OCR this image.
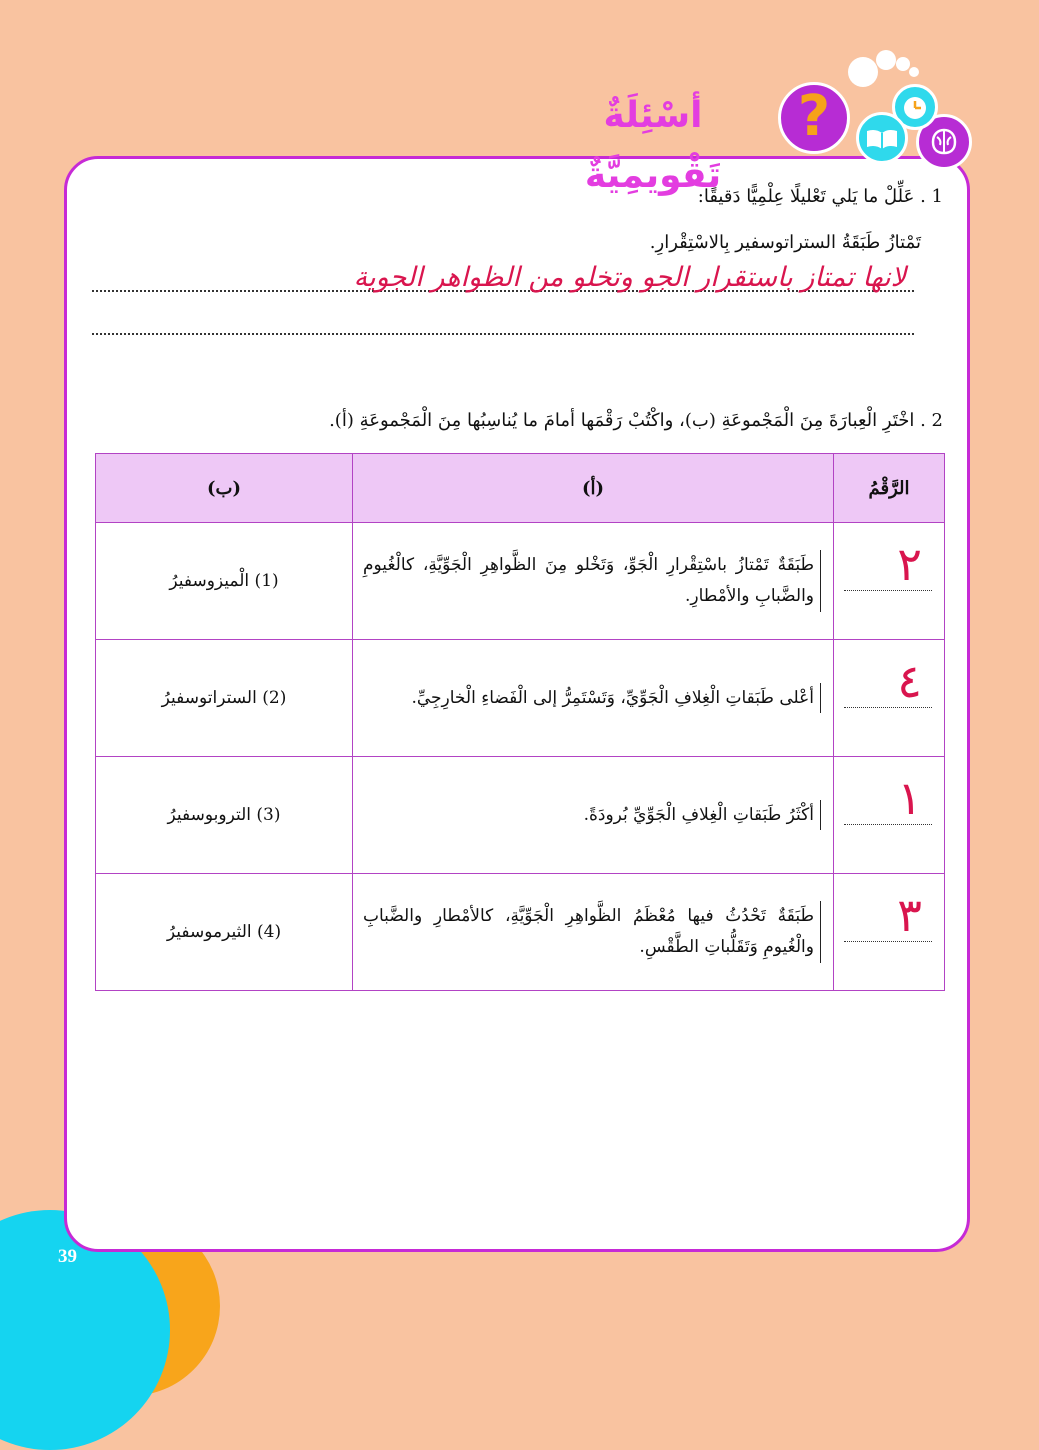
39
?
أسْئِلَةٌ تَقْويمِيَّةٌ
1 . عَلِّلْ ما يَلي تَعْليلًا عِلْمِيًّا دَقيقًا:
تَمْتازُ طَبَقَةُ الستراتوسفير بِالاسْتِقْرارِ.
لانها تمتاز باستقرار الجو وتخلو من الظواهر الجوية
2 . اخْتَرِ الْعِبارَةَ مِنَ الْمَجْموعَةِ (ب)، واكْتُبْ رَقْمَها أمامَ ما يُناسِبُها مِنَ الْمَجْموعَةِ (أ).
الرَّقْمُ	(أ)	(ب)

٢	طَبَقَةٌ تَمْتازُ باسْتِقْرارِ الْجَوِّ، وَتَخْلو مِنَ الظَّواهِرِ الْجَوِّيَّةِ، كالْغُيومِ والضَّبابِ والأمْطارِ.	(1) الْميزوسفيرُ

٤	أعْلى طَبَقاتِ الْغِلافِ الْجَوِّيِّ، وَتَسْتَمِرُّ إلى الْفَضاءِ الْخارِجِيِّ.	(2) الستراتوسفيرُ

١	أكْثَرُ طَبَقاتِ الْغِلافِ الْجَوِّيِّ بُرودَةً.	(3) التروبوسفيرُ

٣	طَبَقَةٌ تَحْدُثُ فيها مُعْظَمُ الظَّواهِرِ الْجَوِّيَّةِ، كالأمْطارِ والضَّبابِ والْغُيومِ وَتَقَلُّباتِ الطَّقْسِ.	(4) الثيرموسفيرُ
